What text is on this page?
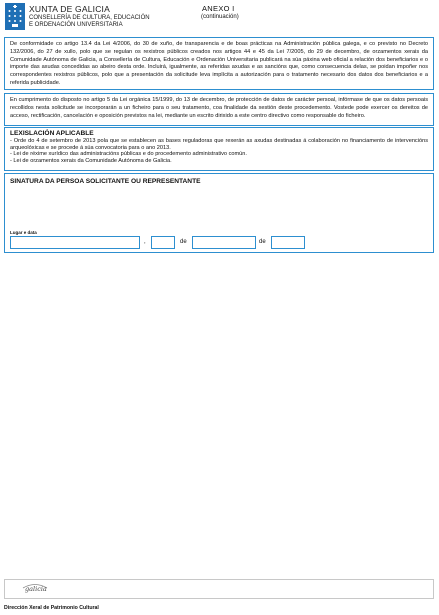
XUNTA DE GALICIA
CONSELLERÍA DE CULTURA, EDUCACIÓN
E ORDENACIÓN UNIVERSITARIA
ANEXO I
(continuación)

De conformidade co artigo 13.4 da Lei 4/2006, do 30 de xuño, de transparencia e de boas prácticas na Administración pública galega, e co previsto no Decreto 132/2006, do 27 de xullo, polo que se regulan os rexistros públicos creados nos artigos 44 e 45 da Lei 7/2005, do 29 de decembro, de orzamentos xerais da Comunidade Autónoma de Galicia, a Consellería de Cultura, Educación e Ordenación Universitaria publicará na súa páxina web oficial a relación dos beneficiarios e o importe das axudas concedidas ao abeiro desta orde. Incluirá, igualmente, as referidas axudas e as sancións que, como consecuencia delas, se poidan impoñer nos correspondentes rexistros públicos, polo que a presentación da solicitude leva implícita a autorización para o tratamento necesario dos datos dos beneficiarios e a referida publicidade.

En cumprimento do disposto no artigo 5 da Lei orgánica 15/1999, do 13 de decembro, de protección de datos de carácter persoal, infórmase de que os datos persoais recollidos nesta solicitude se incorporarán a un ficheiro para o seu tratamento, coa finalidade da xestión deste procedemento. Vostede pode exercer os dereitos de acceso, rectificación, cancelación e oposición previstos na lei, mediante un escrito dirixido a este centro directivo como responsable do ficheiro.

LEXISLACIÓN APLICABLE
- Orde do 4 de setembro de 2013 pola que se establecen as bases reguladoras que rexerán as axudas destinadas á colaboración no financiamento de intervencións arqueolóxicas e se procede á súa convocatoria para o ano 2013.
- Lei de réxime xurídico das administracións públicas e do procedemento administrativo común.
- Lei de orzamentos xerais da Comunidade Autónoma de Galicia.
SINATURA DA PERSOA SOLICITANTE OU REPRESENTANTE
Lugar e data
,	de	de
galicia
Dirección Xeral de Patrimonio Cultural
